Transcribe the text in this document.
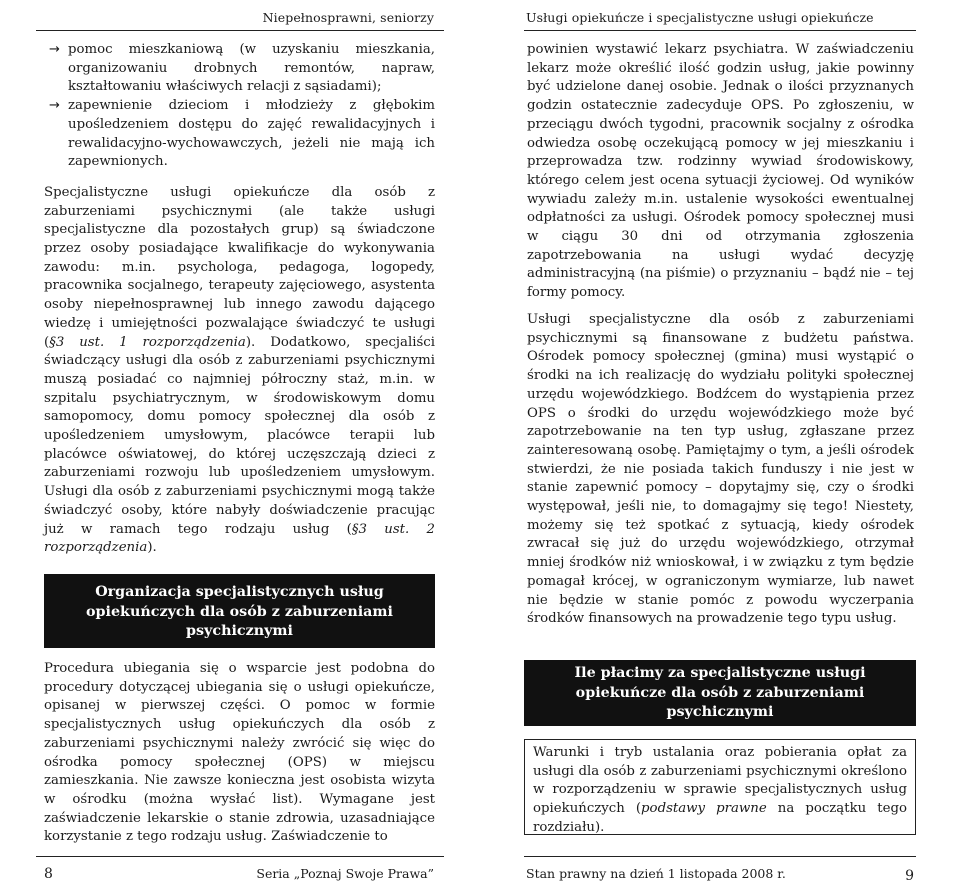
Niepełnosprawni, seniorzy
→ pomoc mieszkaniową (w uzyskaniu mieszkania, organizowaniu drobnych remontów, napraw, kształtowaniu właściwych relacji z sąsiadami);
→ zapewnienie dzieciom i młodzieży z głębokim upośledzeniem dostępu do zajęć rewalidacyjnych i rewalidacyjno-wychowawczych, jeżeli nie mają ich zapewnionych.

Specjalistyczne usługi opiekuńcze dla osób z zaburzeniami psychicznymi (ale także usługi specjalistyczne dla pozostałych grup) są świadczone przez osoby posiadające kwalifikacje do wykonywania zawodu: m.in. psychologa, pedagoga, logopedy, pracownika socjalnego, terapeuty zajęciowego, asystenta osoby niepełnosprawnej lub innego zawodu dającego wiedzę i umiejętności pozwalające świadczyć te usługi (§3 ust. 1 rozporządzenia). Dodatkowo, specjaliści świadczący usługi dla osób z zaburzeniami psychicznymi muszą posiadać co najmniej półroczny staż, m.in. w szpitalu psychiatrycznym, w środowiskowym domu samopomocy, domu pomocy społecznej dla osób z upośledzeniem umysłowym, placówce terapii lub placówce oświatowej, do której uczęszczają dzieci z zaburzeniami rozwoju lub upośledzeniem umysłowym. Usługi dla osób z zaburzeniami psychicznymi mogą także świadczyć osoby, które nabyły doświadczenie pracując już w ramach tego rodzaju usług (§3 ust. 2 rozporządzenia).

Organizacja specjalistycznych usług opiekuńczych dla osób z zaburzeniami psychicznymi

Procedura ubiegania się o wsparcie jest podobna do procedury dotyczącej ubiegania się o usługi opiekuńcze, opisanej w pierwszej części. O pomoc w formie specjalistycznych usług opiekuńczych dla osób z zaburzeniami psychicznymi należy zwrócić się więc do ośrodka pomocy społecznej (OPS) w miejscu zamieszkania. Nie zawsze konieczna jest osobista wizyta w ośrodku (można wysłać list). Wymagane jest zaświadczenie lekarskie o stanie zdrowia, uzasadniające korzystanie z tego rodzaju usług. Zaświadczenie to

8	Seria „Poznaj Swoje Prawa”
Usługi opiekuńcze i specjalistyczne usługi opiekuńcze

powinien wystawić lekarz psychiatra. W zaświadczeniu lekarz może określić ilość godzin usług, jakie powinny być udzielone danej osobie. Jednak o ilości przyznanych godzin ostatecznie zadecyduje OPS. Po zgłoszeniu, w przeciągu dwóch tygodni, pracownik socjalny z ośrodka odwiedza osobę oczekującą pomocy w jej mieszkaniu i przeprowadza tzw. rodzinny wywiad środowiskowy, którego celem jest ocena sytuacji życiowej. Od wyników wywiadu zależy m.in. ustalenie wysokości ewentualnej odpłatności za usługi. Ośrodek pomocy społecznej musi w ciągu 30 dni od otrzymania zgłoszenia zapotrzebowania na usługi wydać decyzję administracyjną (na piśmie) o przyznaniu – bądź nie – tej formy pomocy.

Usługi specjalistyczne dla osób z zaburzeniami psychicznymi są finansowane z budżetu państwa. Ośrodek pomocy społecznej (gmina) musi wystąpić o środki na ich realizację do wydziału polityki społecznej urzędu wojewódzkiego. Bodźcem do wystąpienia przez OPS o środki do urzędu wojewódzkiego może być zapotrzebowanie na ten typ usług, zgłaszane przez zainteresowaną osobę. Pamiętajmy o tym, a jeśli ośrodek stwierdzi, że nie posiada takich funduszy i nie jest w stanie zapewnić pomocy – dopytajmy się, czy o środki występował, jeśli nie, to domagajmy się tego! Niestety, możemy się też spotkać z sytuacją, kiedy ośrodek zwracał się już do urzędu wojewódzkiego, otrzymał mniej środków niż wnioskował, i w związku z tym będzie pomagał krócej, w ograniczonym wymiarze, lub nawet nie będzie w stanie pomóc z powodu wyczerpania środków finansowych na prowadzenie tego typu usług.

Ile płacimy za specjalistyczne usługi opiekuńcze dla osób z zaburzeniami psychicznymi
Warunki i tryb ustalania oraz pobierania opłat za usługi dla osób z zaburzeniami psychicznymi określono w rozporządzeniu w sprawie specjalistycznych usług opiekuńczych (podstawy prawne na początku tego rozdziału).
Stan prawny na dzień 1 listopada 2008 r.	9
